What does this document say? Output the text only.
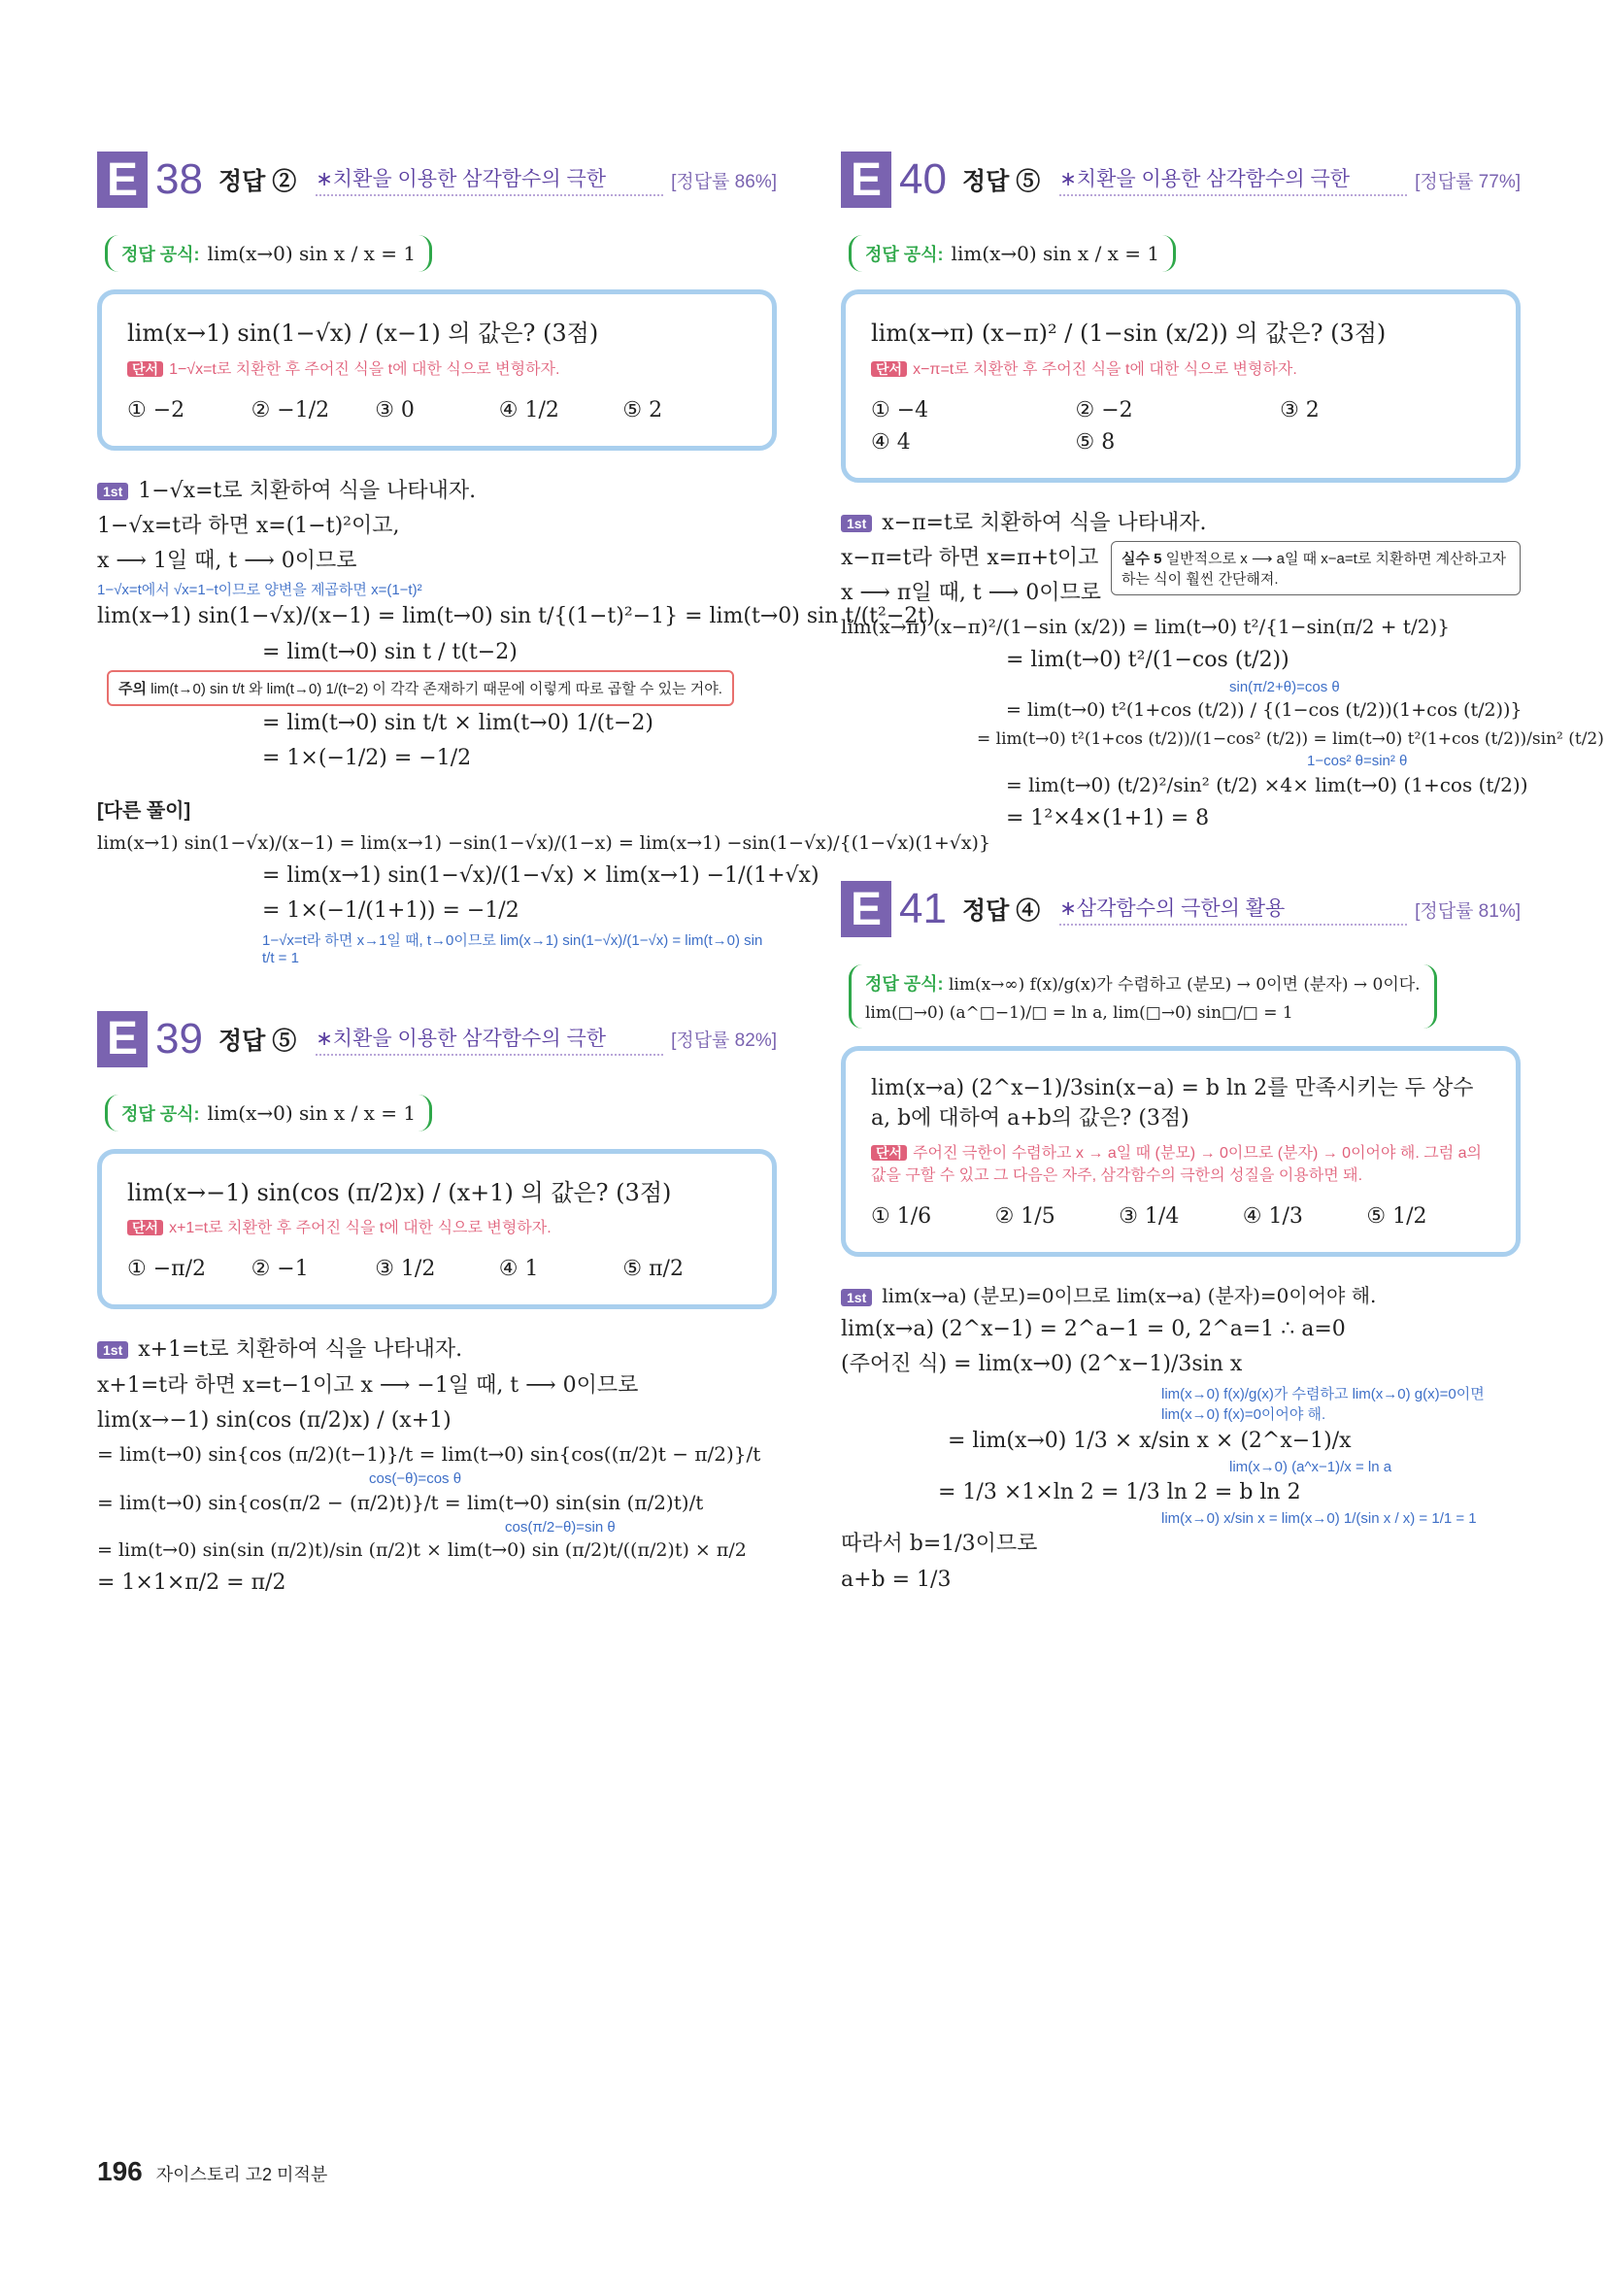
E 38 정답 ② ∗치환을 이용한 삼각함수의 극한	[정답률 86%]
정답 공식: lim(x→0) sin x / x = 1
lim(x→1) sin(1−√x) / (x−1) 의 값은? (3점)
단서 1−√x=t로 치환한 후 주어진 식을 t에 대한 식으로 변형하자.
① −2	② −1/2	③ 0	④ 1/2	⑤ 2
1st 1−√x=t로 치환하여 식을 나타내자.
1−√x=t라 하면 x=(1−t)²이고,
x ⟶ 1일 때, t ⟶ 0이므로
1−√x=t에서 √x=1−t이므로 양변을 제곱하면 x=(1−t)²
lim(x→1) sin(1−√x)/(x−1) = lim(t→0) sin t/{(1−t)²−1} = lim(t→0) sin t/(t²−2t)
= lim(t→0) sin t / t(t−2)
주의 lim(t→0) sin t/t 와 lim(t→0) 1/(t−2) 이 각각 존재하기 때문에 이렇게 따로 곱할 수 있는 거야.
= lim(t→0) sin t/t × lim(t→0) 1/(t−2)
= 1×(−1/2) = −1/2
[다른 풀이]
lim(x→1) sin(1−√x)/(x−1) = lim(x→1) −sin(1−√x)/(1−x) = lim(x→1) −sin(1−√x)/{(1−√x)(1+√x)}
= lim(x→1) sin(1−√x)/(1−√x) × lim(x→1) −1/(1+√x)
= 1×(−1/(1+1)) = −1/2
1−√x=t라 하면 x→1일 때, t→0이므로 lim(x→1) sin(1−√x)/(1−√x) = lim(t→0) sin t/t = 1
E 39 정답 ⑤ ∗치환을 이용한 삼각함수의 극한	[정답률 82%]
정답 공식: lim(x→0) sin x / x = 1
lim(x→−1) sin(cos (π/2)x) / (x+1) 의 값은? (3점)
단서 x+1=t로 치환한 후 주어진 식을 t에 대한 식으로 변형하자.
① −π/2	② −1	③ 1/2	④ 1	⑤ π/2
1st x+1=t로 치환하여 식을 나타내자.
x+1=t라 하면 x=t−1이고 x ⟶ −1일 때, t ⟶ 0이므로
lim(x→−1) sin(cos (π/2)x) / (x+1)
= lim(t→0) sin{cos (π/2)(t−1)}/t = lim(t→0) sin{cos((π/2)t − π/2)}/t
cos(−θ)=cos θ
= lim(t→0) sin{cos(π/2 − (π/2)t)}/t = lim(t→0) sin(sin (π/2)t)/t
cos(π/2−θ)=sin θ
= lim(t→0) sin(sin (π/2)t)/sin (π/2)t × lim(t→0) sin (π/2)t/((π/2)t) × π/2
= 1×1×π/2 = π/2
E 40 정답 ⑤ ∗치환을 이용한 삼각함수의 극한	[정답률 77%]
정답 공식: lim(x→0) sin x / x = 1
lim(x→π) (x−π)² / (1−sin (x/2)) 의 값은? (3점)
단서 x−π=t로 치환한 후 주어진 식을 t에 대한 식으로 변형하자.
① −4	② −2	③ 2
④ 4	⑤ 8
1st x−π=t로 치환하여 식을 나타내자.
x−π=t라 하면 x=π+t이고
x ⟶ π일 때, t ⟶ 0이므로
실수 5 일반적으로 x ⟶ a일 때 x−a=t로 치환하면 계산하고자 하는 식이 훨씬 간단해져.
lim(x→π) (x−π)²/(1−sin (x/2)) = lim(t→0) t²/{1−sin(π/2 + t/2)}
= lim(t→0) t²/(1−cos (t/2))
sin(π/2+θ)=cos θ
= lim(t→0) t²(1+cos (t/2)) / {(1−cos (t/2))(1+cos (t/2))}
= lim(t→0) t²(1+cos (t/2))/(1−cos² (t/2)) = lim(t→0) t²(1+cos (t/2))/sin² (t/2)
1−cos² θ=sin² θ
= lim(t→0) (t/2)²/sin² (t/2) ×4× lim(t→0) (1+cos (t/2))
= 1²×4×(1+1) = 8
E 41 정답 ④ ∗삼각함수의 극한의 활용	[정답률 81%]
정답 공식: lim(x→∞) f(x)/g(x)가 수렴하고 (분모) → 0이면 (분자) → 0이다.
lim(□→0) (a^□−1)/□ = ln a, lim(□→0) sin□/□ = 1
lim(x→a) (2^x−1)/3sin(x−a) = b ln 2를 만족시키는 두 상수 a, b에 대하여 a+b의 값은? (3점)
단서 주어진 극한이 수렴하고 x → a일 때 (분모) → 0이므로 (분자) → 0이어야 해. 그럼 a의 값을 구할 수 있고 그 다음은 자주, 삼각함수의 극한의 성질을 이용하면 돼.
① 1/6	② 1/5	③ 1/4	④ 1/3	⑤ 1/2
1st lim(x→a) (분모)=0이므로 lim(x→a) (분자)=0이어야 해.
lim(x→a) (2^x−1) = 2^a−1 = 0, 2^a=1 ∴ a=0
(주어진 식) = lim(x→0) (2^x−1)/3sin x
lim(x→0) f(x)/g(x)가 수렴하고 lim(x→0) g(x)=0이면 lim(x→0) f(x)=0이어야 해.
= lim(x→0) 1/3 × x/sin x × (2^x−1)/x
lim(x→0) (a^x−1)/x = ln a
= 1/3 ×1×ln 2 = 1/3 ln 2 = b ln 2
lim(x→0) x/sin x = lim(x→0) 1/(sin x / x) = 1/1 = 1
따라서 b=1/3이므로
a+b = 1/3
196 자이스토리 고2 미적분
